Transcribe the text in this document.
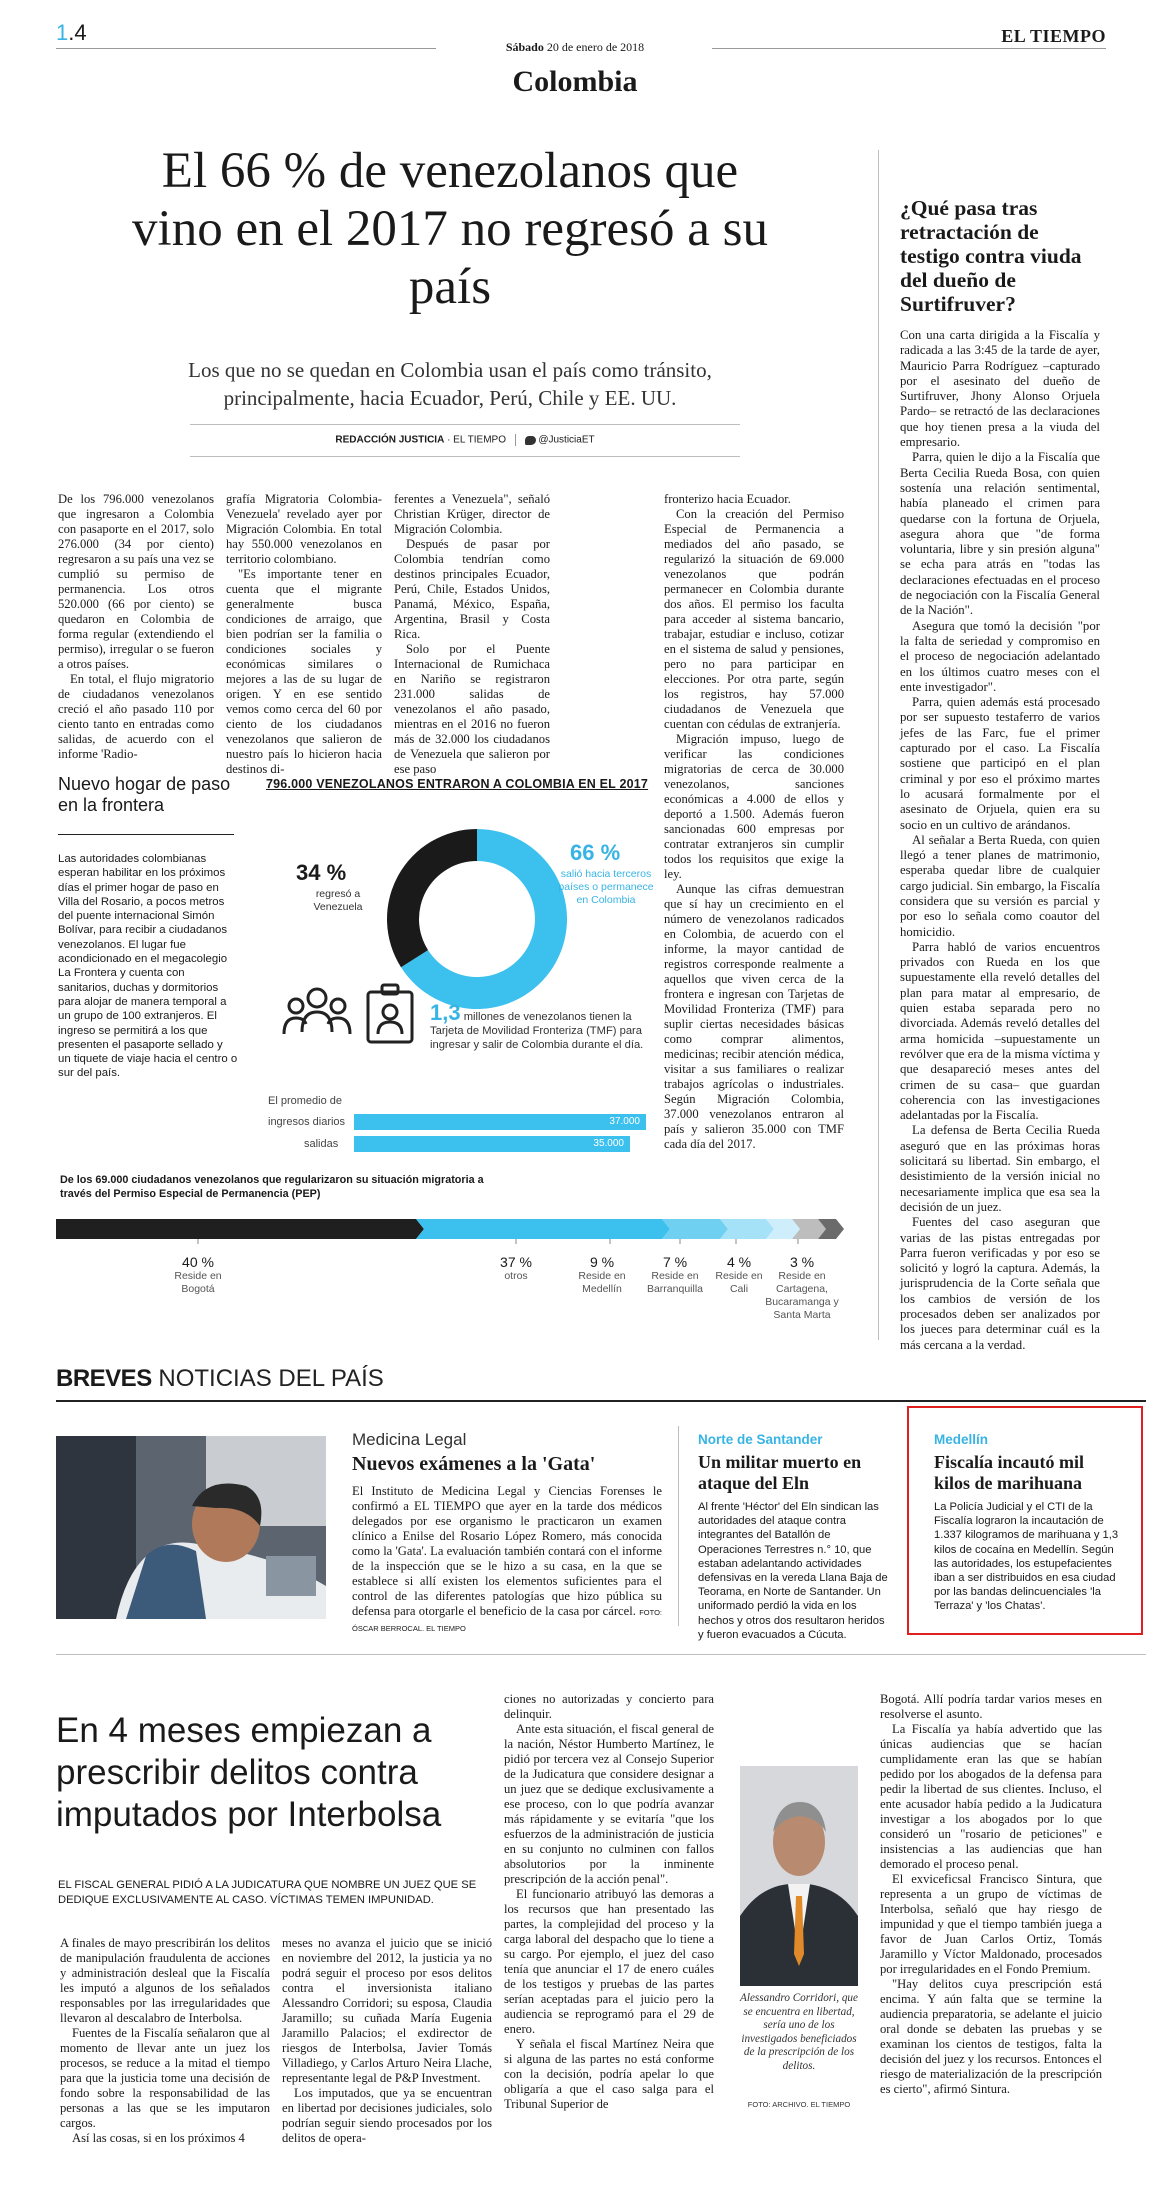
1.4
Sábado 20 de enero de 2018
Colombia
EL TIEMPO
El 66 % de venezolanos que vino en el 2017 no regresó a su país
Los que no se quedan en Colombia usan el país como tránsito, principalmente, hacia Ecuador, Perú, Chile y EE. UU.
REDACCIÓN JUSTICIA · EL TIEMPO	@JusticiaET

De los 796.000 venezolanos que ingresaron a Colombia con pasaporte en el 2017, solo 276.000 (34 por ciento) regresaron a su país una vez se cumplió su permiso de permanencia. Los otros 520.000 (66 por ciento) se quedaron en Colombia de forma regular (extendiendo el permiso), irregular o se fueron a otros países.

En total, el flujo migratorio de ciudadanos venezolanos creció el año pasado 110 por ciento tanto en entradas como salidas, de acuerdo con el informe 'Radio-

grafía Migratoria Colombia-Venezuela' revelado ayer por Migración Colombia. En total hay 550.000 venezolanos en territorio colombiano.

"Es importante tener en cuenta que el migrante generalmente busca condiciones de arraigo, que bien podrían ser la familia o condiciones sociales y económicas similares o mejores a las de su lugar de origen. Y en ese sentido vemos como cerca del 60 por ciento de los ciudadanos venezolanos que salieron de nuestro país lo hicieron hacia destinos di-

ferentes a Venezuela", señaló Christian Krüger, director de Migración Colombia.

Después de pasar por Colombia tendrían como destinos principales Ecuador, Perú, Chile, Estados Unidos, Panamá, México, España, Argentina, Brasil y Costa Rica.

Solo por el Puente Internacional de Rumichaca en Nariño se registraron 231.000 salidas de venezolanos el año pasado, mientras en el 2016 no fueron más de 32.000 los ciudadanos de Venezuela que salieron por ese paso

fronterizo hacia Ecuador.

Con la creación del Permiso Especial de Permanencia a mediados del año pasado, se regularizó la situación de 69.000 venezolanos que podrán permanecer en Colombia durante dos años. El permiso los faculta para acceder al sistema bancario, trabajar, estudiar e incluso, cotizar en el sistema de salud y pensiones, pero no para participar en elecciones. Por otra parte, según los registros, hay 57.000 ciudadanos de Venezuela que cuentan con cédulas de extranjería.

Migración impuso, luego de verificar las condiciones migratorias de cerca de 30.000 venezolanos, sanciones económicas a 4.000 de ellos y deportó a 1.500. Además fueron sancionadas 600 empresas por contratar extranjeros sin cumplir todos los requisitos que exige la ley.

Aunque las cifras demuestran que sí hay un crecimiento en el número de venezolanos radicados en Colombia, de acuerdo con el informe, la mayor cantidad de registros corresponde realmente a aquellos que viven cerca de la frontera e ingresan con Tarjetas de Movilidad Fronteriza (TMF) para suplir ciertas necesidades básicas como comprar alimentos, medicinas; recibir atención médica, visitar a sus familiares o realizar trabajos agrícolas o industriales. Según Migración Colombia, 37.000 venezolanos entraron al país y salieron 35.000 con TMF cada día del 2017.

Nuevo hogar de paso en la frontera
Las autoridades colombianas esperan habilitar en los próximos días el primer hogar de paso en Villa del Rosario, a pocos metros del puente internacional Simón Bolívar, para recibir a ciudadanos venezolanos. El lugar fue acondicionado en el megacolegio La Frontera y cuenta con sanitarios, duchas y dormitorios para alojar de manera temporal a un grupo de 100 extranjeros. El ingreso se permitirá a los que presenten el pasaporte sellado y un tiquete de viaje hacia el centro o sur del país.
796.000 VENEZOLANOS ENTRARON A COLOMBIA EN EL 2017
34 %
regresó a Venezuela
66 %
salió hacia terceros países o permanece en Colombia
1,3 millones de venezolanos tienen la Tarjeta de Movilidad Fronteriza (TMF) para ingresar y salir de Colombia durante el día.
El promedio de
ingresos diarios	37.000
salidas	35.000
De los 69.000 ciudadanos venezolanos que regularizaron su situación migratoria a través del Permiso Especial de Permanencia (PEP)
40 %
Reside en Bogotá
37 %
otros
9 %
Reside en Medellín
7 %
Reside en Barranquilla
4 %
Reside en Cali
3 %
Reside en Cartagena, Bucaramanga y Santa Marta
¿Qué pasa tras retractación de testigo contra viuda del dueño de Surtifruver?

Con una carta dirigida a la Fiscalía y radicada a las 3:45 de la tarde de ayer, Mauricio Parra Rodríguez –capturado por el asesinato del dueño de Surtifruver, Jhony Alonso Orjuela Pardo– se retractó de las declaraciones que hoy tienen presa a la viuda del empresario.

Parra, quien le dijo a la Fiscalía que Berta Cecilia Rueda Bosa, con quien sostenía una relación sentimental, había planeado el crimen para quedarse con la fortuna de Orjuela, asegura ahora que "de forma voluntaria, libre y sin presión alguna" se echa para atrás en "todas las declaraciones efectuadas en el proceso de negociación con la Fiscalía General de la Nación".

Asegura que tomó la decisión "por la falta de seriedad y compromiso en el proceso de negociación adelantado en los últimos cuatro meses con el ente investigador".

Parra, quien además está procesado por ser supuesto testaferro de varios jefes de las Farc, fue el primer capturado por el caso. La Fiscalía sostiene que participó en el plan criminal y por eso el próximo martes lo acusará formalmente por el asesinato de Orjuela, quien era su socio en un cultivo de arándanos.

Al señalar a Berta Rueda, con quien llegó a tener planes de matrimonio, esperaba quedar libre de cualquier cargo judicial. Sin embargo, la Fiscalía considera que su versión es parcial y por eso lo señala como coautor del homicidio.

Parra habló de varios encuentros privados con Rueda en los que supuestamente ella reveló detalles del plan para matar al empresario, de quien estaba separada pero no divorciada. Además reveló detalles del arma homicida –supuestamente un revólver que era de la misma víctima y que desapareció meses antes del crimen de su casa– que guardan coherencia con las investigaciones adelantadas por la Fiscalía.

La defensa de Berta Cecilia Rueda aseguró que en las próximas horas solicitará su libertad. Sin embargo, el desistimiento de la versión inicial no necesariamente implica que esa sea la decisión de un juez.

Fuentes del caso aseguran que varias de las pistas entregadas por Parra fueron verificadas y por eso se solicitó y logró la captura. Además, la jurisprudencia de la Corte señala que los cambios de versión de los procesados deben ser analizados por los jueces para determinar cuál es la más cercana a la verdad.

BREVES NOTICIAS DEL PAÍS
Medicina Legal
Nuevos exámenes a la 'Gata'
El Instituto de Medicina Legal y Ciencias Forenses le confirmó a EL TIEMPO que ayer en la tarde dos médicos delegados por ese organismo le practicaron un examen clínico a Enilse del Rosario López Romero, más conocida como la 'Gata'. La evaluación también contará con el informe de la inspección que se le hizo a su casa, en la que se establece si allí existen los elementos suficientes para el control de las diferentes patologías que hizo pública su defensa para otorgarle el beneficio de la casa por cárcel. FOTO: ÓSCAR BERROCAL. EL TIEMPO
Norte de Santander
Un militar muerto en ataque del Eln
Al frente 'Héctor' del Eln sindican las autoridades del ataque contra integrantes del Batallón de Operaciones Terrestres n.° 10, que estaban adelantando actividades defensivas en la vereda Llana Baja de Teorama, en Norte de Santander. Un uniformado perdió la vida en los hechos y otros dos resultaron heridos y fueron evacuados a Cúcuta.
Medellín
Fiscalía incautó mil kilos de marihuana
La Policía Judicial y el CTI de la Fiscalía lograron la incautación de 1.337 kilogramos de marihuana y 1,3 kilos de cocaína en Medellín. Según las autoridades, los estupefacientes iban a ser distribuidos en esa ciudad por las bandas delincuenciales 'la Terraza' y 'los Chatas'.
En 4 meses empiezan a prescribir delitos contra imputados por Interbolsa
EL FISCAL GENERAL PIDIÓ A LA JUDICATURA QUE NOMBRE UN JUEZ QUE SE DEDIQUE EXCLUSIVAMENTE AL CASO. VÍCTIMAS TEMEN IMPUNIDAD.

A finales de mayo prescribirán los delitos de manipulación fraudulenta de acciones y administración desleal que la Fiscalía les imputó a algunos de los señalados responsables por las irregularidades que llevaron al descalabro de Interbolsa.

Fuentes de la Fiscalía señalaron que al momento de llevar ante un juez los procesos, se reduce a la mitad el tiempo para que la justicia tome una decisión de fondo sobre la responsabilidad de las personas a las que se les imputaron cargos.

Así las cosas, si en los próximos 4

meses no avanza el juicio que se inició en noviembre del 2012, la justicia ya no podrá seguir el proceso por esos delitos contra el inversionista italiano Alessandro Corridori; su esposa, Claudia Jaramillo; su cuñada María Eugenia Jaramillo Palacios; el exdirector de riesgos de Interbolsa, Javier Tomás Villadiego, y Carlos Arturo Neira Llache, representante legal de P&P Investment.

Los imputados, que ya se encuentran en libertad por decisiones judiciales, solo podrían seguir siendo procesados por los delitos de opera-

ciones no autorizadas y concierto para delinquir.

Ante esta situación, el fiscal general de la nación, Néstor Humberto Martínez, le pidió por tercera vez al Consejo Superior de la Judicatura que considere designar a un juez que se dedique exclusivamente a ese proceso, con lo que podría avanzar más rápidamente y se evitaría "que los esfuerzos de la administración de justicia en su conjunto no culminen con fallos absolutorios por la inminente prescripción de la acción penal".

El funcionario atribuyó las demoras a los recursos que han presentado las partes, la complejidad del proceso y la carga laboral del despacho que lo tiene a su cargo. Por ejemplo, el juez del caso tenía que anunciar el 17 de enero cuáles de los testigos y pruebas de las partes serían aceptadas para el juicio pero la audiencia se reprogramó para el 29 de enero.

Y señala el fiscal Martínez Neira que si alguna de las partes no está conforme con la decisión, podría apelar lo que obligaría a que el caso salga para el Tribunal Superior de

Alessandro Corridori, que se encuentra en libertad, sería uno de los investigados beneficiados de la prescripción de los delitos.
FOTO: ARCHIVO. EL TIEMPO

Bogotá. Allí podría tardar varios meses en resolverse el asunto.

La Fiscalía ya había advertido que las únicas audiencias que se hacían cumplidamente eran las que se habían pedido por los abogados de la defensa para pedir la libertad de sus clientes. Incluso, el ente acusador había pedido a la Judicatura investigar a los abogados por lo que consideró un "rosario de peticiones" e insistencias a las audiencias que han demorado el proceso penal.

El exviceficsal Francisco Sintura, que representa a un grupo de víctimas de Interbolsa, señaló que hay riesgo de impunidad y que el tiempo también juega a favor de Juan Carlos Ortiz, Tomás Jaramillo y Víctor Maldonado, procesados por irregularidades en el Fondo Premium.

"Hay delitos cuya prescripción está encima. Y aún falta que se termine la audiencia preparatoria, se adelante el juicio oral donde se debaten las pruebas y se examinan los cientos de testigos, falta la decisión del juez y los recursos. Entonces el riesgo de materialización de la prescripción es cierto", afirmó Sintura.
